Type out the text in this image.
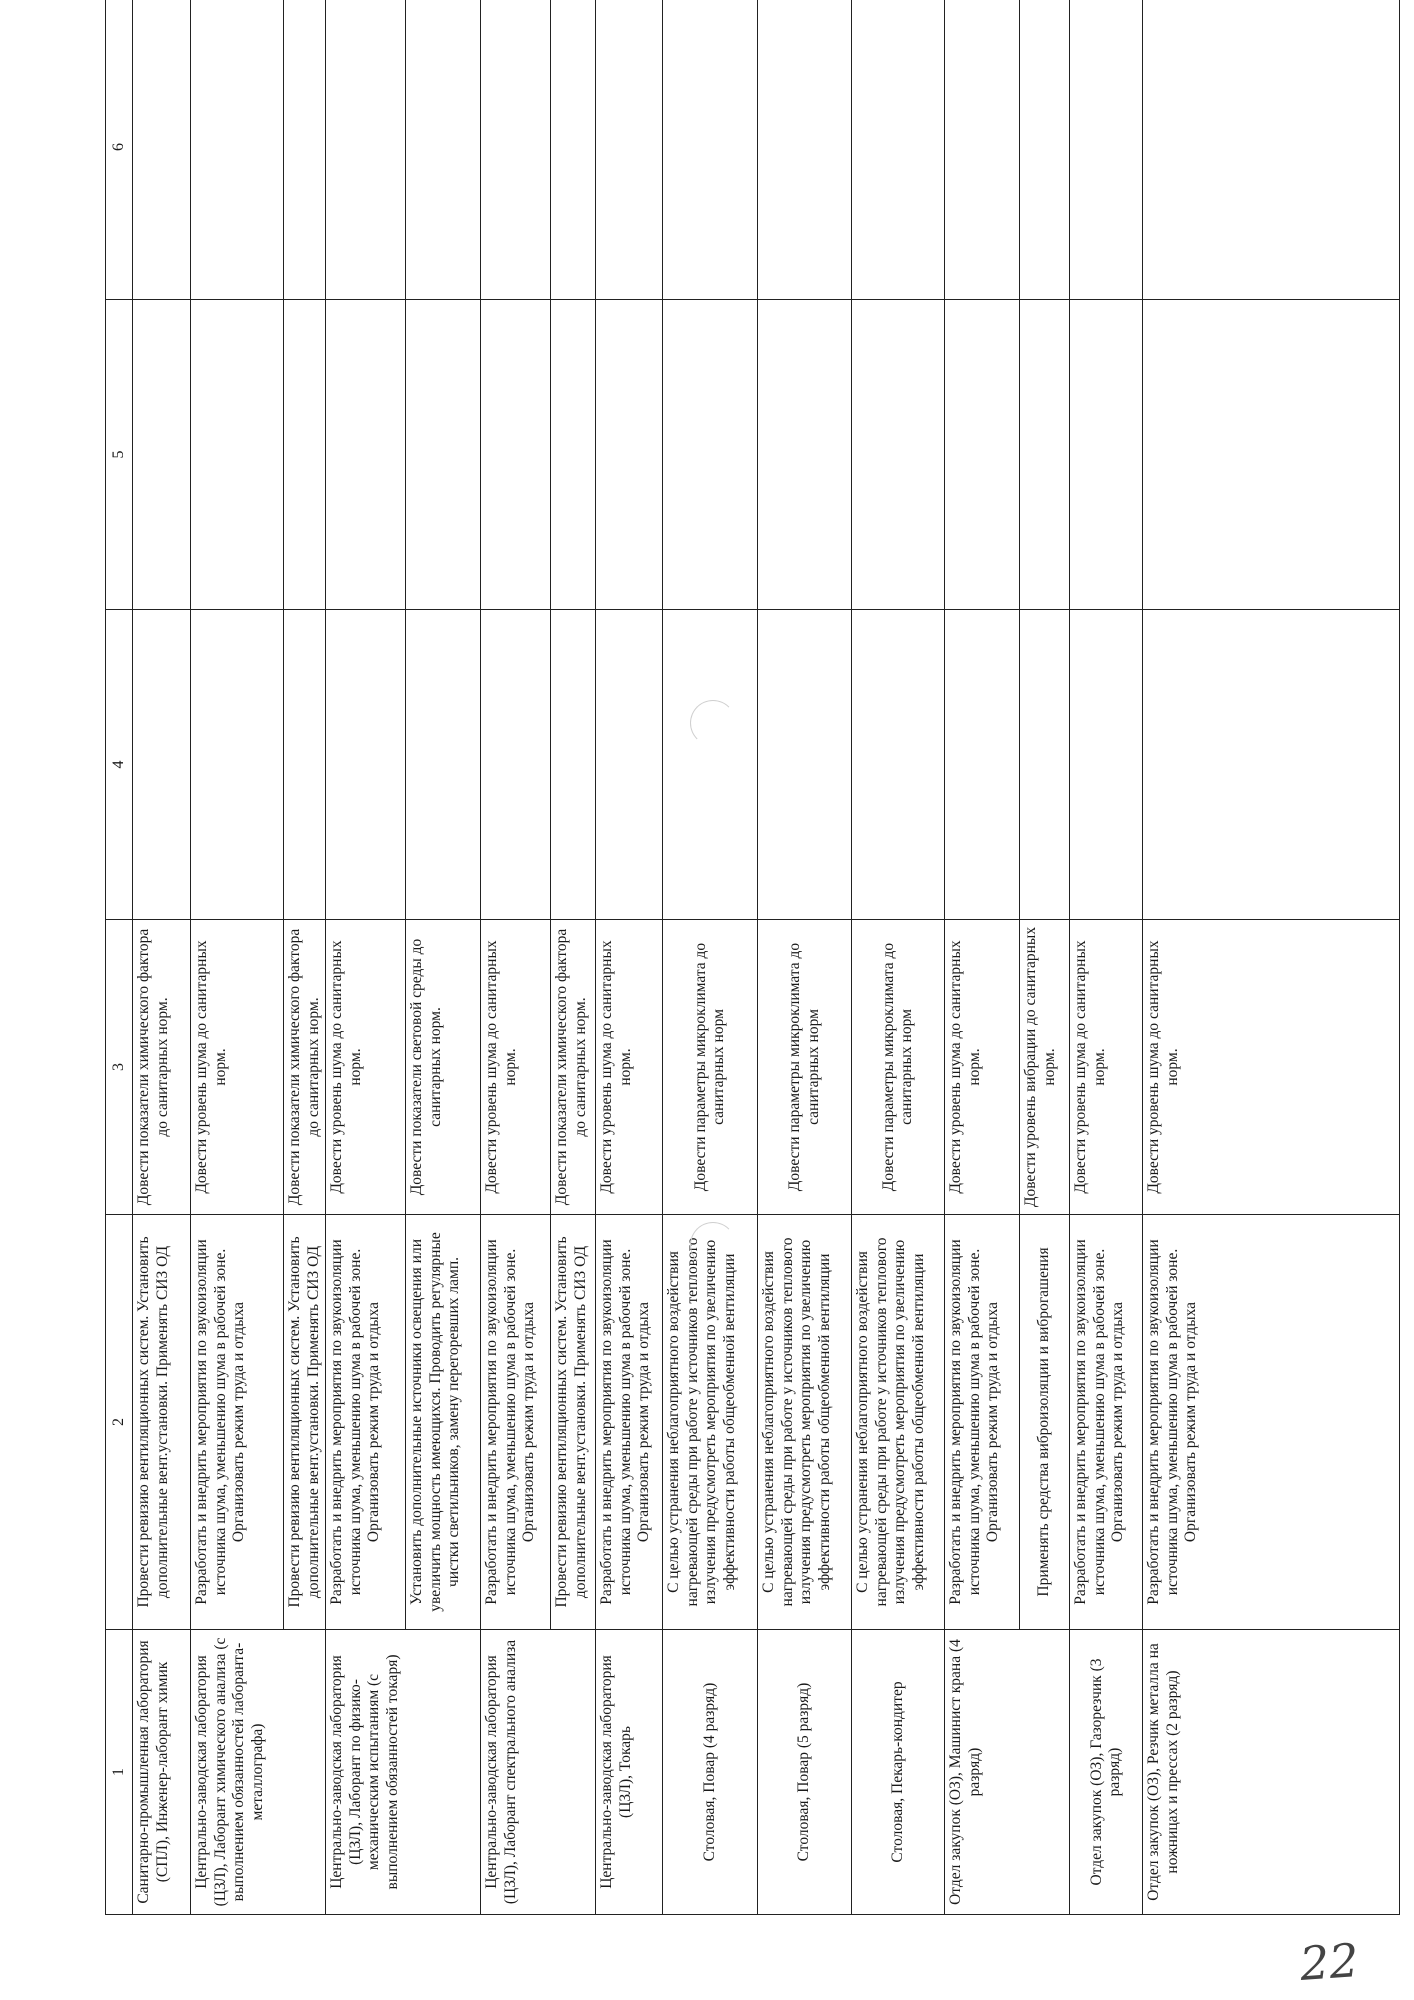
1	2	3	4	5	6
Санитарно-промышленная лаборатория (СПЛ), Инженер-лаборант химик	Провести ревизию вентиляционных систем. Установить дополнительные вент.установки. Применять СИЗ ОД	Довести показатели химического фактора до санитарных норм.			
Центрально-заводская лаборатория (ЦЗЛ), Лаборант химического анализа (с выполнением обязанностей лаборанта-металлографа)	Разработать и внедрить мероприятия по звукоизоляции источника шума, уменьшению шума в рабочей зоне. Организовать режим труда и отдыха	Довести уровень шума до санитарных норм.			
	Провести ревизию вентиляционных систем. Установить дополнительные вент.установки. Применять СИЗ ОД	Довести показатели химического фактора до санитарных норм.			
Центрально-заводская лаборатория (ЦЗЛ), Лаборант по физико-механическим испытаниям (с выполнением обязанностей токаря)	Разработать и внедрить мероприятия по звукоизоляции источника шума, уменьшению шума в рабочей зоне. Организовать режим труда и отдыха	Довести уровень шума до санитарных норм.			
	Установить дополнительные источники освещения или увеличить мощность имеющихся. Проводить регулярные чистки светильников, замену перегоревших ламп.	Довести показатели световой среды до санитарных норм.			
Центрально-заводская лаборатория (ЦЗЛ), Лаборант спектрального анализа	Разработать и внедрить мероприятия по звукоизоляции источника шума, уменьшению шума в рабочей зоне. Организовать режим труда и отдыха	Довести уровень шума до санитарных норм.			
	Провести ревизию вентиляционных систем. Установить дополнительные вент.установки. Применять СИЗ ОД	Довести показатели химического фактора до санитарных норм.			
Центрально-заводская лаборатория (ЦЗЛ), Токарь	Разработать и внедрить мероприятия по звукоизоляции источника шума, уменьшению шума в рабочей зоне. Организовать режим труда и отдыха	Довести уровень шума до санитарных норм.			
Столовая, Повар (4 разряд)	С целью устранения неблагоприятного воздействия нагревающей среды при работе у источников теплового излучения предусмотреть мероприятия по увеличению эффективности работы общеобменной вентиляции	Довести параметры микроклимата до санитарных норм			
Столовая, Повар (5 разряд)	С целью устранения неблагоприятного воздействия нагревающей среды при работе у источников теплового излучения предусмотреть мероприятия по увеличению эффективности работы общеобменной вентиляции	Довести параметры микроклимата до санитарных норм			
Столовая, Пекарь-кондитер	С целью устранения неблагоприятного воздействия нагревающей среды при работе у источников теплового излучения предусмотреть мероприятия по увеличению эффективности работы общеобменной вентиляции	Довести параметры микроклимата до санитарных норм			
Отдел закупок (ОЗ), Машинист крана (4 разряд)	Разработать и внедрить мероприятия по звукоизоляции источника шума, уменьшению шума в рабочей зоне. Организовать режим труда и отдыха	Довести уровень шума до санитарных норм.			
	Применять средства виброизоляции и виброгашения	Довести уровень вибрации до санитарных норм.			
Отдел закупок (ОЗ), Газорезчик (3 разряд)	Разработать и внедрить мероприятия по звукоизоляции источника шума, уменьшению шума в рабочей зоне. Организовать режим труда и отдыха	Довести уровень шума до санитарных норм.			
Отдел закупок (ОЗ), Резчик металла на ножницах и прессах (2 разряд)	Разработать и внедрить мероприятия по звукоизоляции источника шума, уменьшению шума в рабочей зоне. Организовать режим труда и отдыха	Довести уровень шума до санитарных норм.			
22
